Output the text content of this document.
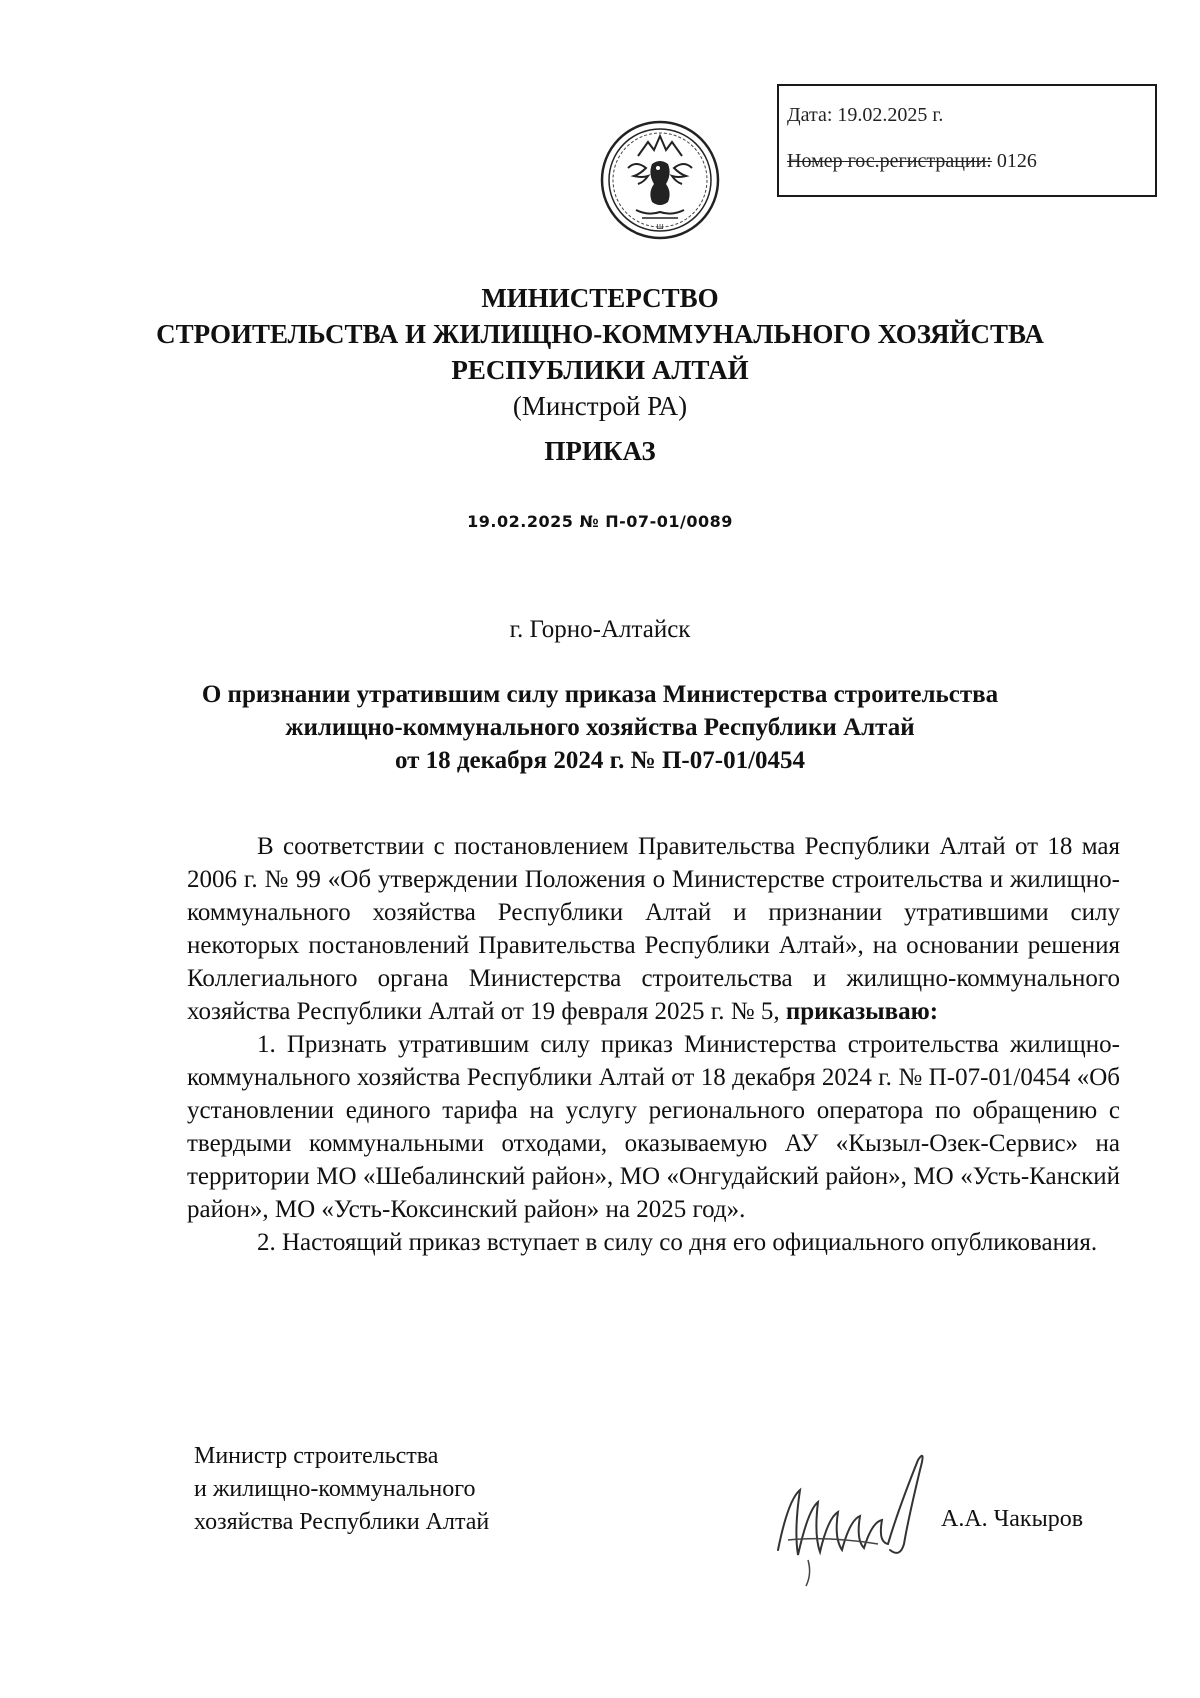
Дата: 19.02.2025 г.
Номер гос.регистрации: 0126
Ш
МИНИСТЕРСТВО
СТРОИТЕЛЬСТВА И ЖИЛИЩНО-КОММУНАЛЬНОГО ХОЗЯЙСТВА
РЕСПУБЛИКИ АЛТАЙ
(Минстрой РА)
ПРИКАЗ
19.02.2025 № П-07-01/0089
г. Горно-Алтайск
О признании утратившим силу приказа Министерства строительства
жилищно-коммунального хозяйства Республики Алтай
от 18 декабря 2024 г. № П-07-01/0454

В соответствии с постановлением Правительства Республики Алтай от 18 мая 2006 г. № 99 «Об утверждении Положения о Министерстве строительства и жилищно-коммунального хозяйства Республики Алтай и признании утратившими силу некоторых постановлений Правительства Республики Алтай», на основании решения Коллегиального органа Министерства строительства и жилищно-коммунального хозяйства Республики Алтай от 19 февраля 2025 г. № 5, приказываю:

1. Признать утратившим силу приказ Министерства строительства жилищно-коммунального хозяйства Республики Алтай от 18 декабря 2024 г. № П-07-01/0454 «Об установлении единого тарифа на услугу регионального оператора по обращению с твердыми коммунальными отходами, оказываемую АУ «Кызыл-Озек-Сервис» на территории МО «Шебалинский район», МО «Онгудайский район», МО «Усть-Канский район», МО «Усть-Коксинский район» на 2025 год».

2. Настоящий приказ вступает в силу со дня его официального опубликования.

Министр строительства
и жилищно-коммунального
хозяйства Республики Алтай	А.А. Чакыров
